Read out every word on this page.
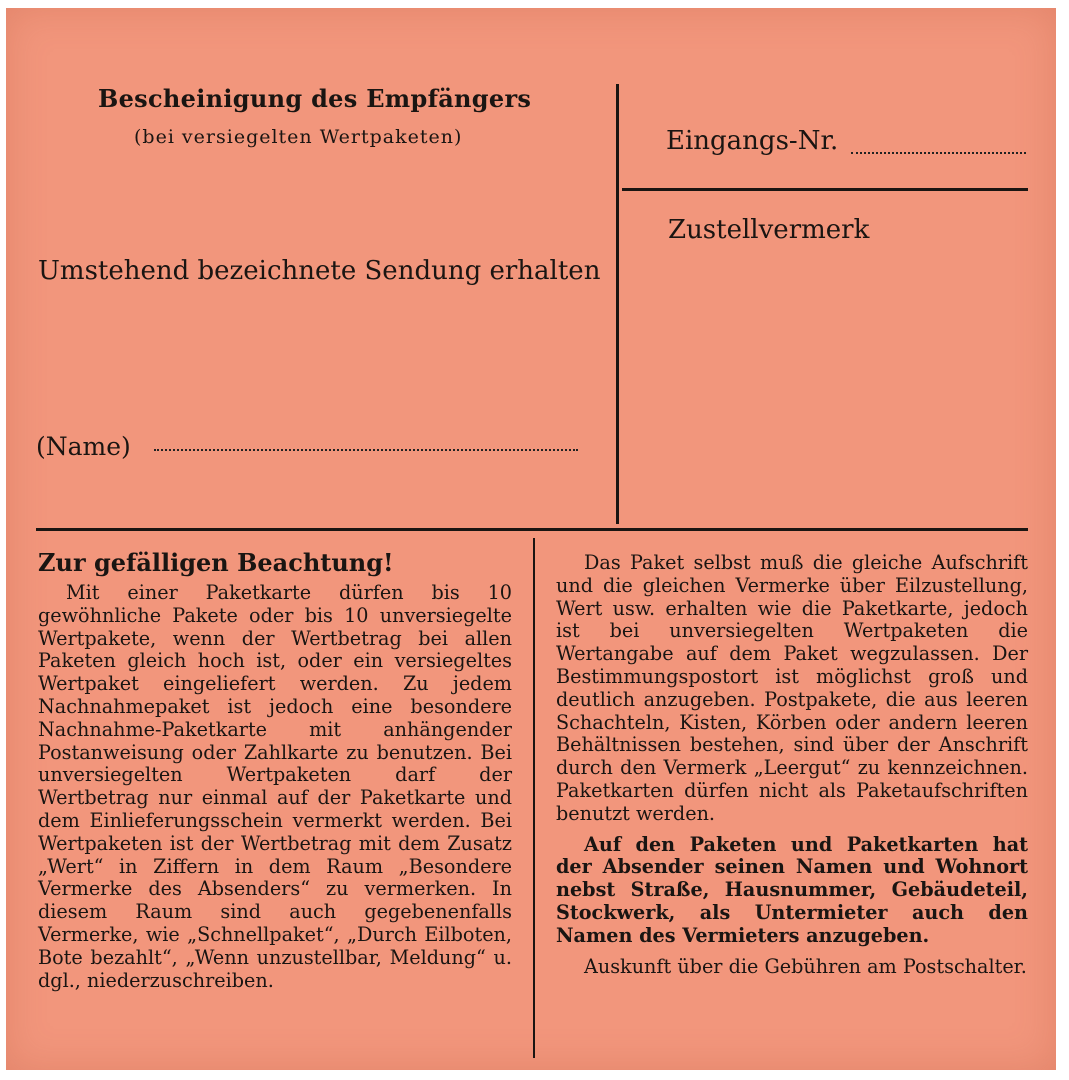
Bescheinigung des Empfängers
(bei versiegelten Wertpaketen)
Umstehend bezeichnete Sendung erhalten
(Name)
Eingangs-Nr.
Zustellvermerk
Zur gefälligen Beachtung!

Mit einer Paketkarte dürfen bis 10 gewöhnliche Pakete oder bis 10 unversiegelte Wertpakete, wenn der Wertbetrag bei allen Paketen gleich hoch ist, oder ein versiegeltes Wertpaket eingeliefert werden. Zu jedem Nachnahmepaket ist jedoch eine besondere Nachnahme-Paketkarte mit anhängender Postanweisung oder Zahlkarte zu benutzen. Bei unversiegelten Wertpaketen darf der Wertbetrag nur einmal auf der Paketkarte und dem Einlieferungsschein vermerkt werden. Bei Wertpaketen ist der Wertbetrag mit dem Zusatz „Wert“ in Ziffern in dem Raum „Besondere Vermerke des Absenders“ zu vermerken. In diesem Raum sind auch gegebenenfalls Vermerke, wie „Schnellpaket“, „Durch Eilboten, Bote bezahlt“, „Wenn unzustellbar, Meldung“ u. dgl., niederzuschreiben.

Das Paket selbst muß die gleiche Aufschrift und die gleichen Vermerke über Eilzustellung, Wert usw. erhalten wie die Paketkarte, jedoch ist bei unversiegelten Wertpaketen die Wertangabe auf dem Paket wegzulassen. Der Bestimmungspostort ist möglichst groß und deutlich anzugeben. Postpakete, die aus leeren Schachteln, Kisten, Körben oder andern leeren Behältnissen bestehen, sind über der Anschrift durch den Vermerk „Leergut“ zu kennzeichnen. Paketkarten dürfen nicht als Paketaufschriften benutzt werden.

Auf den Paketen und Paketkarten hat der Absender seinen Namen und Wohnort nebst Straße, Hausnummer, Gebäudeteil, Stockwerk, als Untermieter auch den Namen des Vermieters anzugeben.

Auskunft über die Gebühren am Postschalter.
